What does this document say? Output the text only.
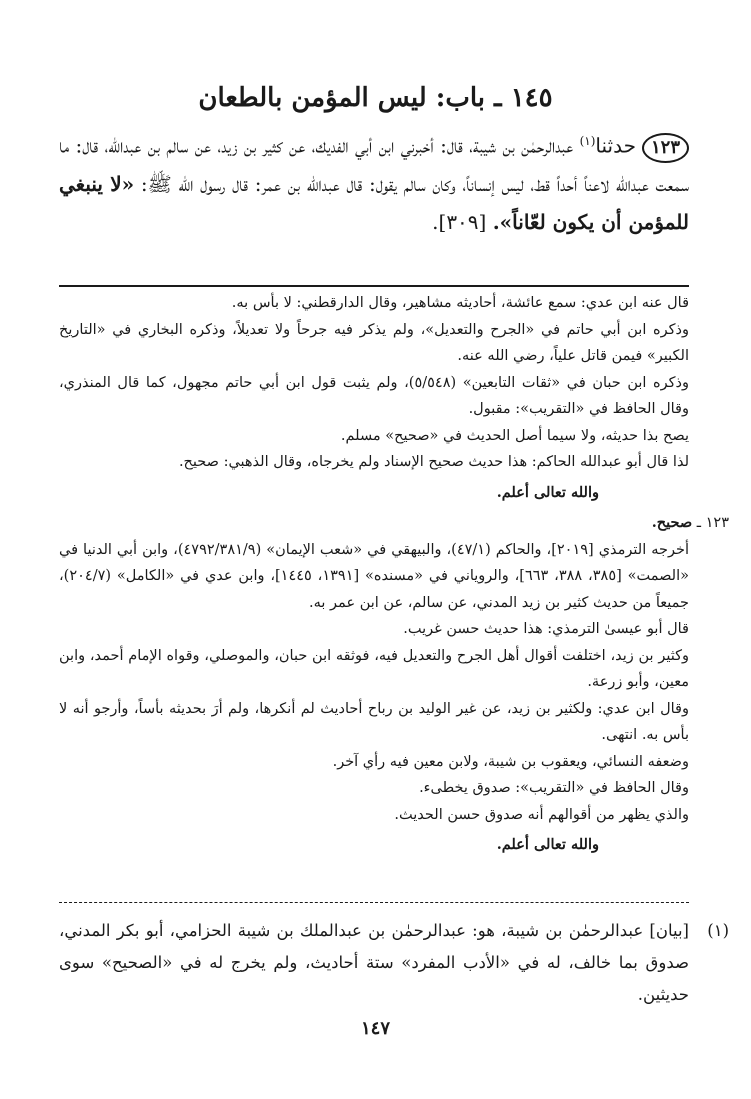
١٤٥ ـ باب: ليس المؤمن بالطعان
١٢٣حدثنا$^{(١)}$ عبدالرحمٰن بن شيبة، قال: أخبرني ابن أبي الفديك، عن كثير بن زيد، عن سالم بن عبدالله، قال: ما سمعت عبدالله لاعناً أحداً قط، ليس إنساناً، وكان سالم يقول: قال عبدالله بن عمر: قال رسول الله ﷺ: «لا ينبغي للمؤمن أن يكون لعّاناً». [٣٠٩].

قال عنه ابن عدي: سمع عائشة، أحاديثه مشاهير، وقال الدارقطني: لا بأس به.

وذكره ابن أبي حاتم في «الجرح والتعديل»، ولم يذكر فيه جرحاً ولا تعديلاً، وذكره البخاري في «التاريخ الكبير» فيمن قاتل علياً، رضي الله عنه.

وذكره ابن حبان في «ثقات التابعين» (٥/٥٤٨)، ولم يثبت قول ابن أبي حاتم مجهول، كما قال المنذري، وقال الحافظ في «التقريب»: مقبول.

يصح بذا حديثه، ولا سيما أصل الحديث في «صحيح» مسلم.

لذا قال أبو عبدالله الحاكم: هذا حديث صحيح الإسناد ولم يخرجاه، وقال الذهبي: صحيح.

والله تعالى أعلم.

١٢٣ ـ صحيح.

أخرجه الترمذي [٢٠١٩]، والحاكم (٤٧/١)، والبيهقي في «شعب الإيمان» (٤٧٩٢/٣٨١/٩)، وابن أبي الدنيا في «الصمت» [٣٨٥، ٣٨٨، ٦٦٣]، والروياني في «مسنده» [١٣٩١، ١٤٤٥]، وابن عدي في «الكامل» (٢٠٤/٧)، جميعاً من حديث كثير بن زيد المدني، عن سالم، عن ابن عمر به.

قال أبو عيسىٰ الترمذي: هذا حديث حسن غريب.

وكثير بن زيد، اختلفت أقوال أهل الجرح والتعديل فيه، فوثقه ابن حبان، والموصلي، وقواه الإمام أحمد، وابن معين، وأبو زرعة.

وقال ابن عدي: ولكثير بن زيد، عن غير الوليد بن رباح أحاديث لم أنكرها، ولم أرَ بحديثه بأساً، وأرجو أنه لا بأس به. انتهى.

وضعفه النسائي، ويعقوب بن شيبة، ولابن معين فيه رأي آخر.

وقال الحافظ في «التقريب»: صدوق يخطىء.

والذي يظهر من أقوالهم أنه صدوق حسن الحديث.

والله تعالى أعلم.

(١)[بيان] عبدالرحمٰن بن شيبة، هو: عبدالرحمٰن بن عبدالملك بن شيبة الحزامي، أبو بكر المدني، صدوق بما خالف، له في «الأدب المفرد» ستة أحاديث، ولم يخرج له في «الصحيح» سوى حديثين.

١٤٧
